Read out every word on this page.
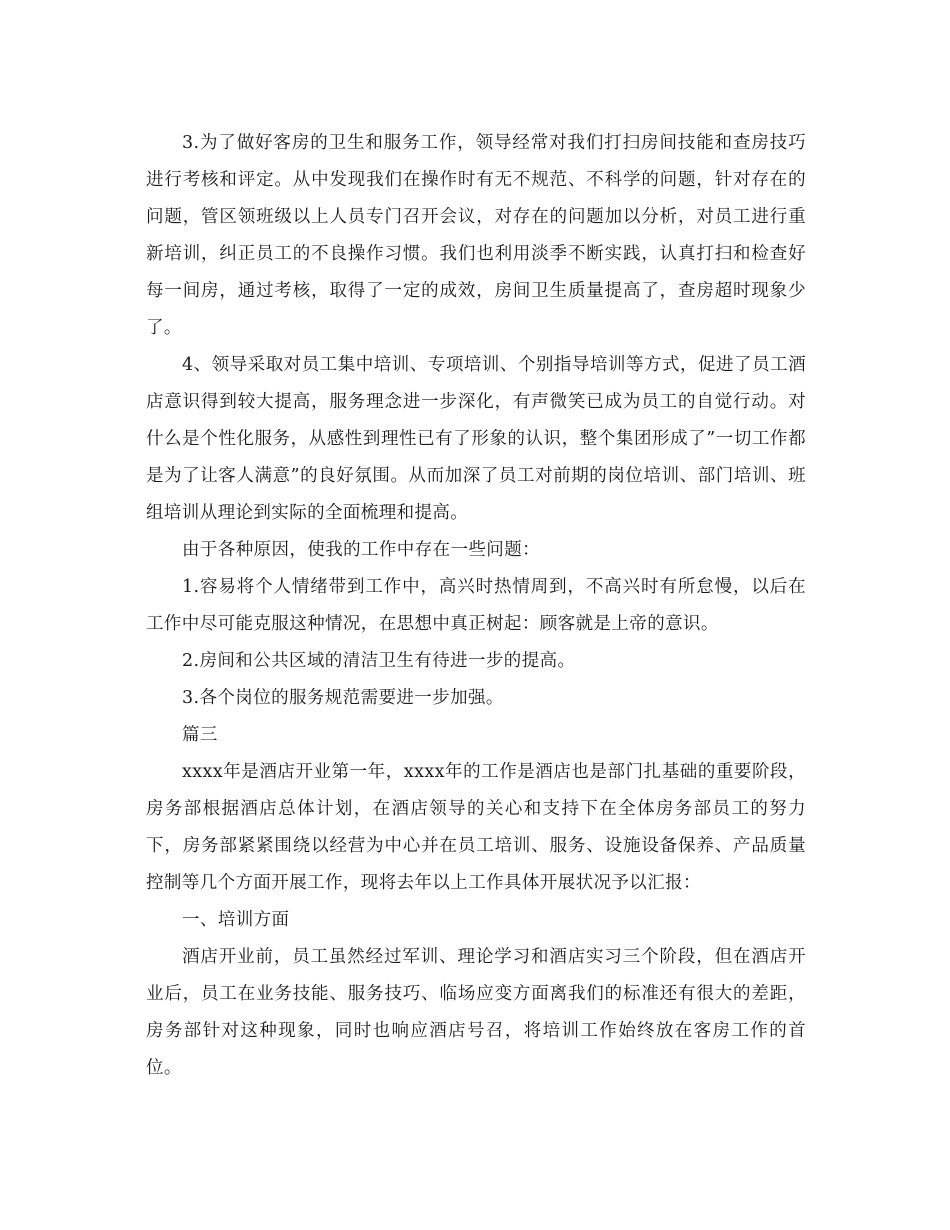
3.为了做好客房的卫生和服务工作，领导经常对我们打扫房间技能和查房技巧进行考核和评定。从中发现我们在操作时有无不规范、不科学的问题，针对存在的问题，管区领班级以上人员专门召开会议，对存在的问题加以分析，对员工进行重新培训，纠正员工的不良操作习惯。我们也利用淡季不断实践，认真打扫和检查好每一间房，通过考核，取得了一定的成效，房间卫生质量提高了，查房超时现象少了。

4、领导采取对员工集中培训、专项培训、个别指导培训等方式，促进了员工酒店意识得到较大提高，服务理念进一步深化，有声微笑已成为员工的自觉行动。对什么是个性化服务，从感性到理性已有了形象的认识，整个集团形成了”一切工作都是为了让客人满意”的良好氛围。从而加深了员工对前期的岗位培训、部门培训、班组培训从理论到实际的全面梳理和提高。

由于各种原因，使我的工作中存在一些问题：

1.容易将个人情绪带到工作中，高兴时热情周到，不高兴时有所怠慢，以后在工作中尽可能克服这种情况，在思想中真正树起：顾客就是上帝的意识。

2.房间和公共区域的清洁卫生有待进一步的提高。

3.各个岗位的服务规范需要进一步加强。

篇三

xxxx年是酒店开业第一年，xxxx年的工作是酒店也是部门扎基础的重要阶段，房务部根据酒店总体计划，在酒店领导的关心和支持下在全体房务部员工的努力下，房务部紧紧围绕以经营为中心并在员工培训、服务、设施设备保养、产品质量控制等几个方面开展工作，现将去年以上工作具体开展状况予以汇报：

一、培训方面

酒店开业前，员工虽然经过军训、理论学习和酒店实习三个阶段，但在酒店开业后，员工在业务技能、服务技巧、临场应变方面离我们的标准还有很大的差距，房务部针对这种现象，同时也响应酒店号召，将培训工作始终放在客房工作的首位。
